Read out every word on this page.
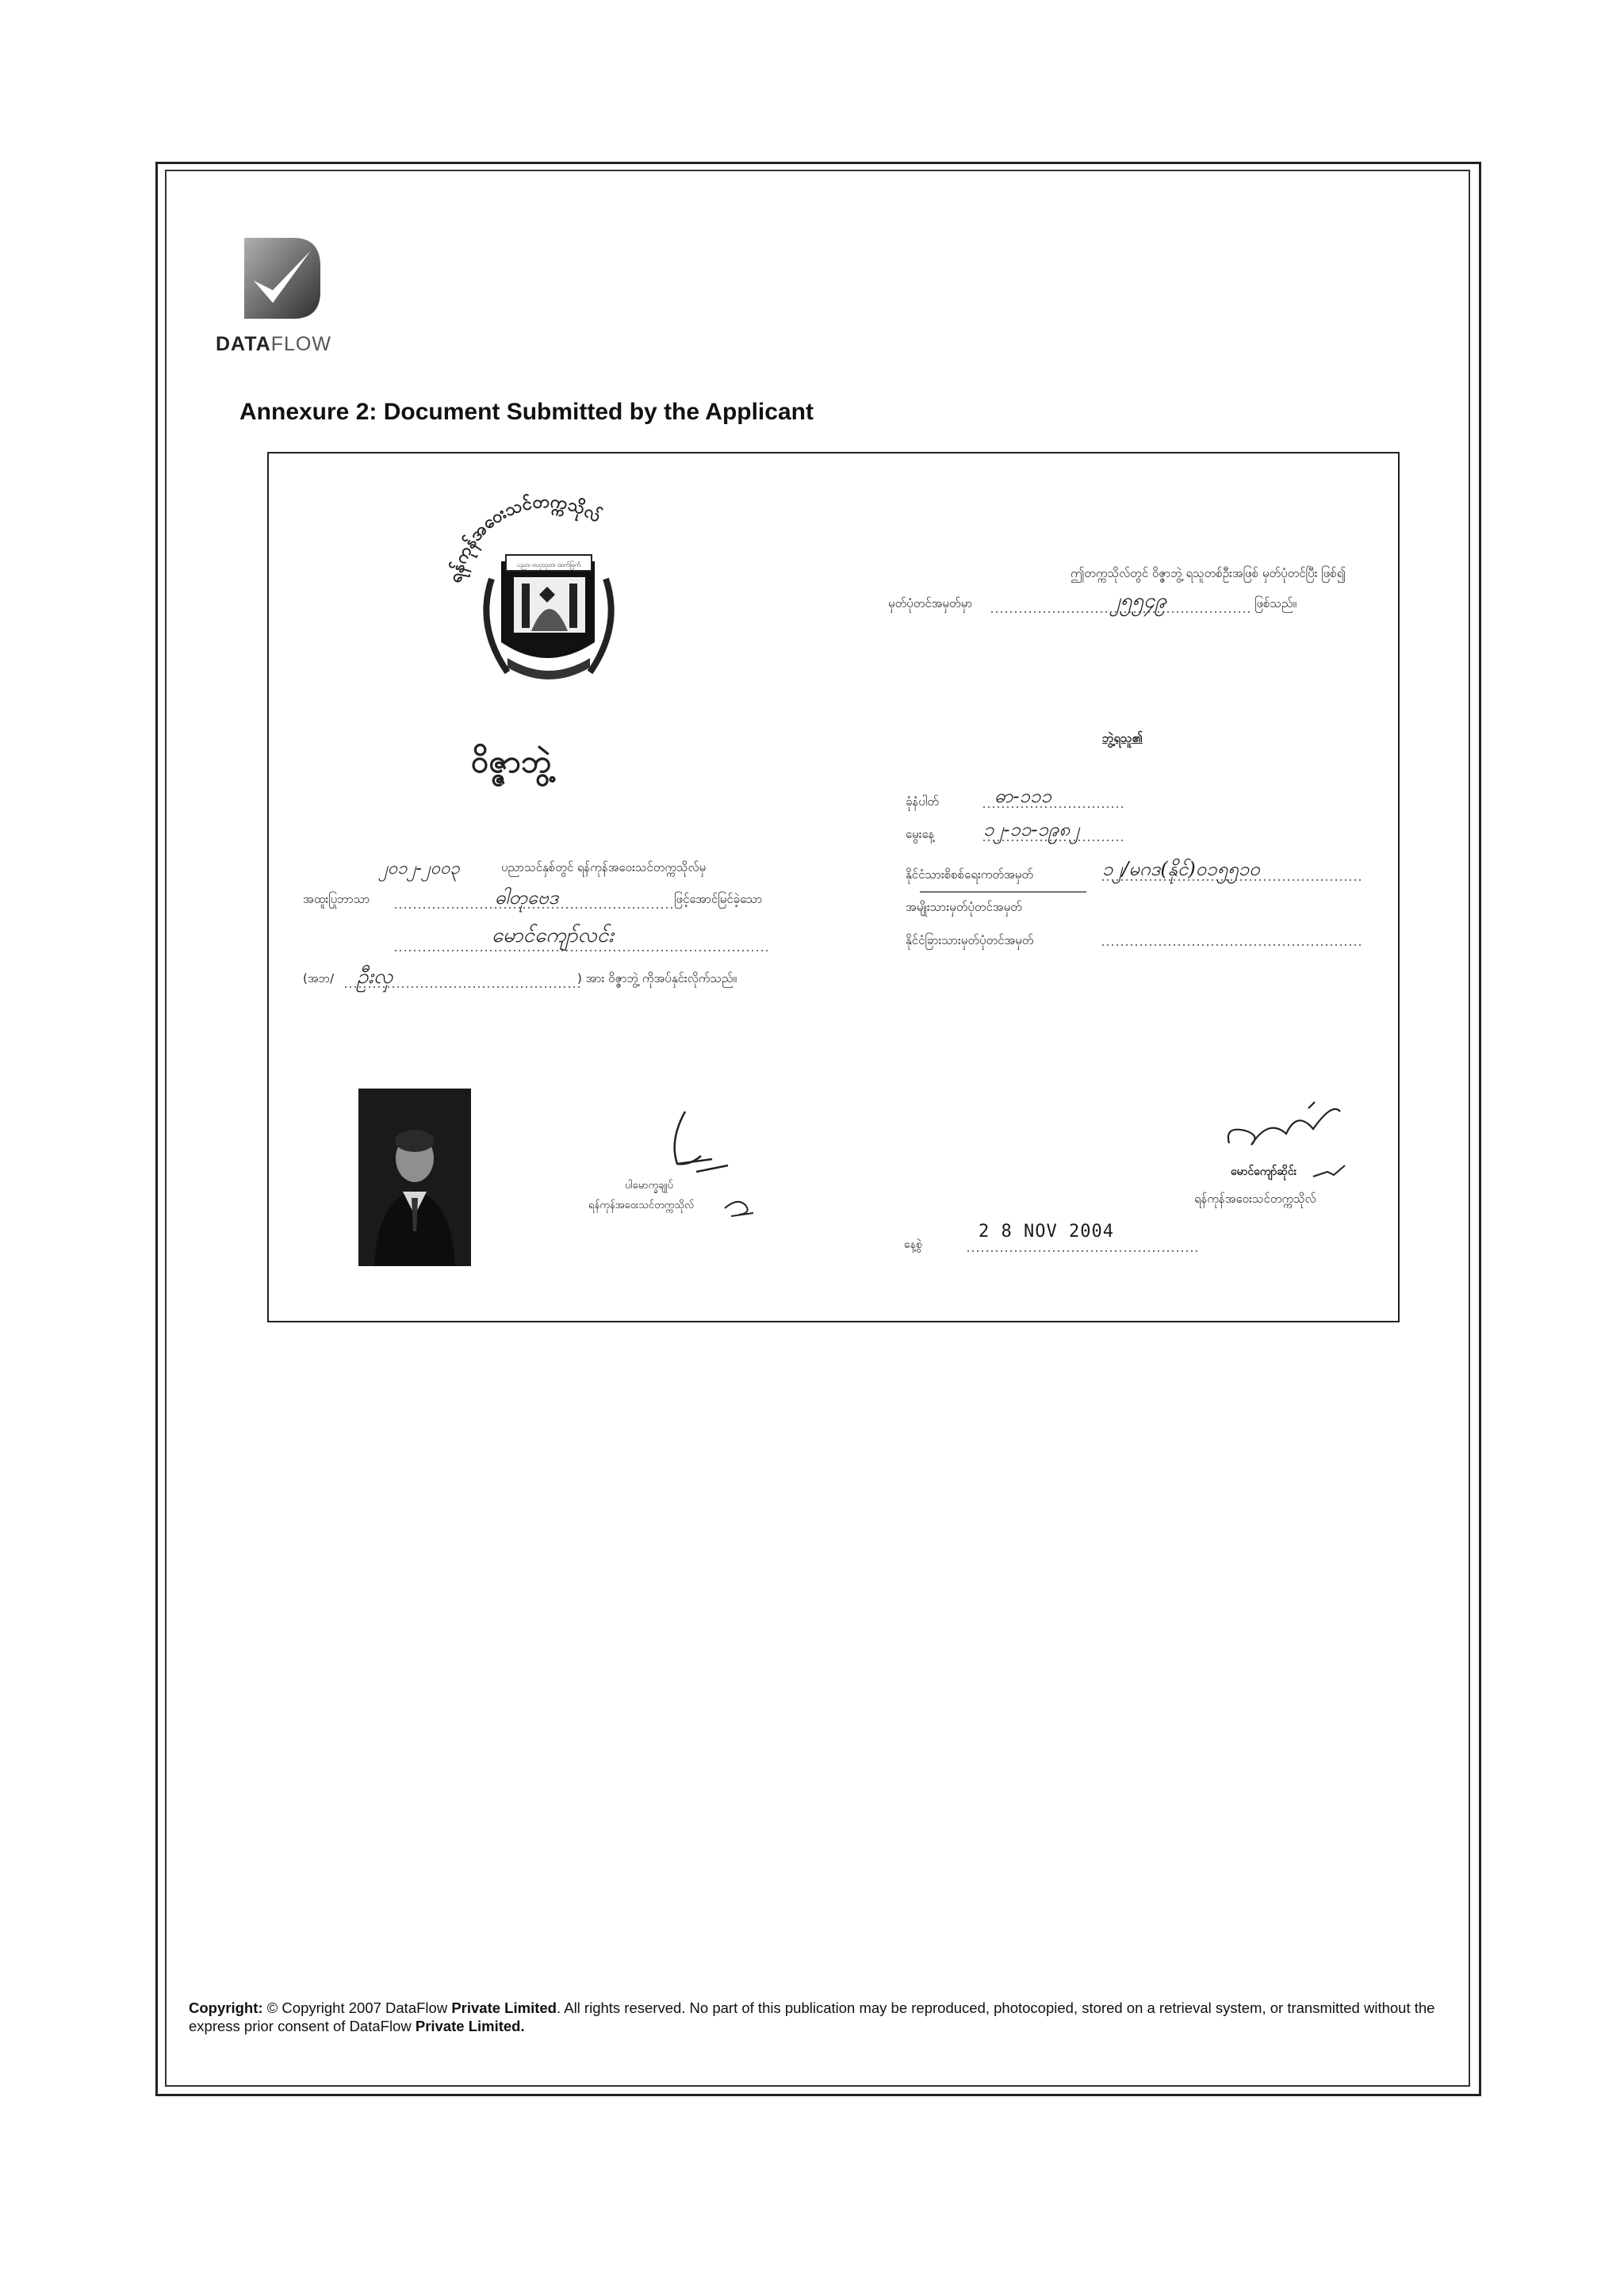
DATAFLOW
Annexure 2: Document Submitted by the Applicant
ရန်ကုန်အဝေးသင်တက္ကသိုလ်
ပညာ၊ ဗဟုသုတ၊ ထက်မြက်
ဝိဇ္ဇာဘွဲ့
၂၀၁၂-၂၀၀၃	ပညာသင်နှစ်တွင် ရန်ကုန်အဝေးသင်တက္ကသိုလ်မှ
အထူးပြုဘာသာ	ဓါတုဗေဒ	ဖြင့်အောင်မြင်ခဲ့သော
မောင်ကျော်လင်း
(အဘ/ ဦးလှ	) အား ဝိဇ္ဇာဘွဲ့ ကိုအပ်နှင်းလိုက်သည်။
ဤတက္ကသိုလ်တွင် ဝိဇ္ဇာဘွဲ့ ရသူတစ်ဦးအဖြစ် မှတ်ပုံတင်ပြီး ဖြစ်၍
မှတ်ပုံတင်အမှတ်မှာ	၂၅၅၄၉	ဖြစ်သည်။
ဘွဲ့ရသူ၏
ခုံနံပါတ်	ဓာ-၁၁၁
မွေးနေ့	၁၂-၁၁-၁၉၈၂
နိုင်ငံသားစိစစ်ရေးကတ်အမှတ်	၁၂/မဂဒ(နိုင်)၀၁၅၅၁၀
အမျိုးသားမှတ်ပုံတင်အမှတ်
နိုင်ငံခြားသားမှတ်ပုံတင်အမှတ်
ပါမောက္ခချုပ်
ရန်ကုန်အဝေးသင်တက္ကသိုလ်
မောင်ကျော်ဆိုင်း
ရန်ကုန်အဝေးသင်တက္ကသိုလ်
နေ့စွဲ
2 8 NOV 2004
Copyright: © Copyright 2007 DataFlow Private Limited. All rights reserved. No part of this publication may be reproduced, photocopied, stored on a retrieval system, or transmitted without the express prior consent of DataFlow Private Limited.
